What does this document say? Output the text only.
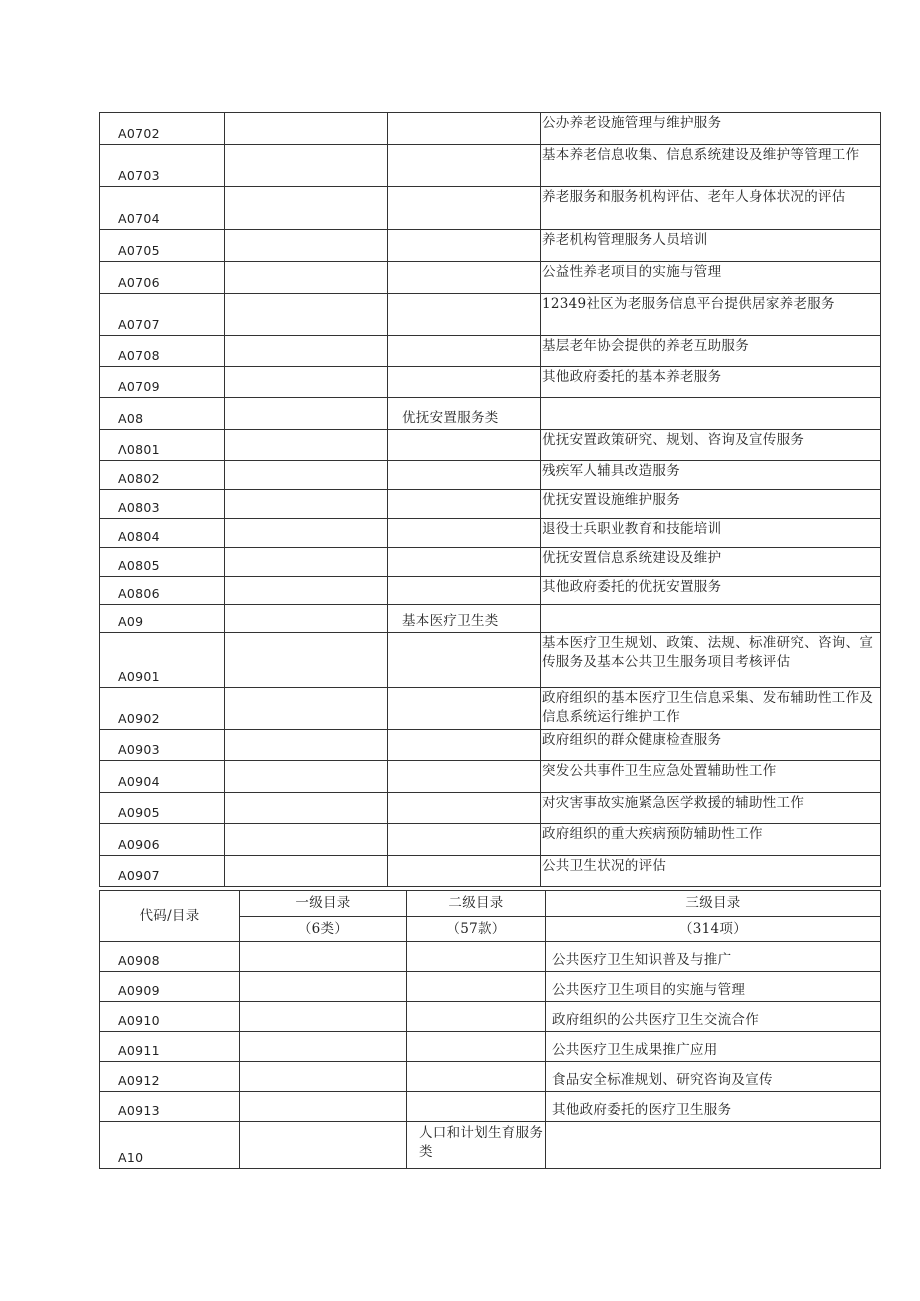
A0702			公办养老设施管理与维护服务
A0703			基本养老信息收集、信息系统建设及维护等管理工作
A0704			养老服务和服务机构评估、老年人身体状况的评估
A0705			养老机构管理服务人员培训
A0706			公益性养老项目的实施与管理
A0707			12349社区为老服务信息平台提供居家养老服务
A0708			基层老年协会提供的养老互助服务
A0709			其他政府委托的基本养老服务
A08		优抚安置服务类	
Λ0801			优抚安置政策研究、规划、咨询及宣传服务
A0802			残疾军人辅具改造服务
A0803			优抚安置设施维护服务
A0804			退役士兵职业教育和技能培训
A0805			优抚安置信息系统建设及维护
A0806			其他政府委托的优抚安置服务
A09		基本医疗卫生类	
A0901			基本医疗卫生规划、政策、法规、标准研究、咨询、宣传服务及基本公共卫生服务项目考核评估
A0902			政府组织的基本医疗卫生信息采集、发布辅助性工作及信息系统运行维护工作
A0903			政府组织的群众健康检查服务
A0904			突发公共事件卫生应急处置辅助性工作
A0905			对灾害事故实施紧急医学救援的辅助性工作
A0906			政府组织的重大疾病预防辅助性工作
A0907			公共卫生状况的评估
代码/目录	一级目录	二级目录	三级目录
	（6类）	（57款）	（314项）
A0908			公共医疗卫生知识普及与推广
A0909			公共医疗卫生项目的实施与管理
A0910			政府组织的公共医疗卫生交流合作
A0911			公共医疗卫生成果推广应用
A0912			食品安全标准规划、研究咨询及宣传
A0913			其他政府委托的医疗卫生服务
A10		人口和计划生育服务类	
